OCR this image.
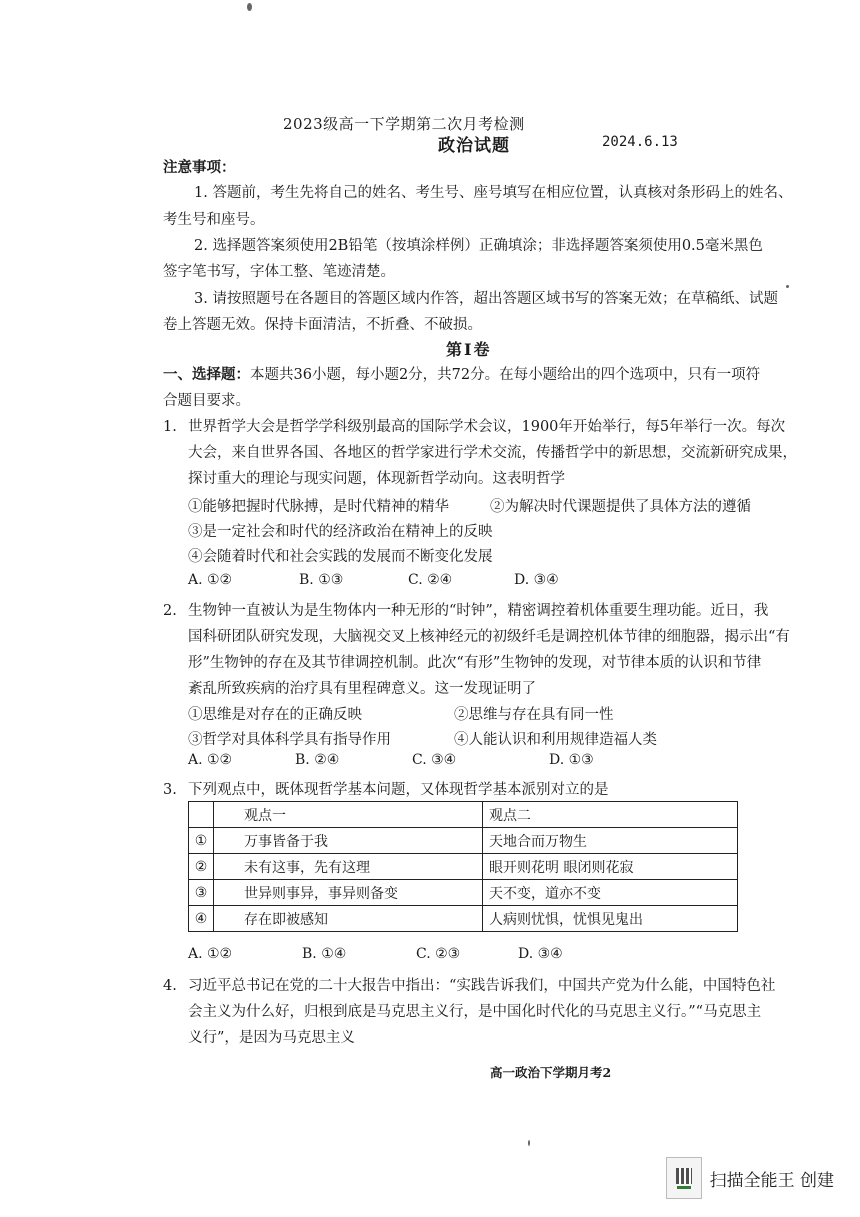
2023级高一下学期第二次月考检测
政治试题	2024.6.13
注意事项：
1. 答题前，考生先将自己的姓名、考生号、座号填写在相应位置，认真核对条形码上的姓名、
考生号和座号。
2. 选择题答案须使用2B铅笔（按填涂样例）正确填涂；非选择题答案须使用0.5毫米黑色
签字笔书写，字体工整、笔迹清楚。
3. 请按照题号在各题目的答题区域内作答，超出答题区域书写的答案无效；在草稿纸、试题
卷上答题无效。保持卡面清洁，不折叠、不破损。
第Ⅰ卷
一、选择题：本题共36小题，每小题2分，共72分。在每小题给出的四个选项中，只有一项符
合题目要求。
1. 世界哲学大会是哲学学科级别最高的国际学术会议，1900年开始举行，每5年举行一次。每次
大会，来自世界各国、各地区的哲学家进行学术交流，传播哲学中的新思想，交流新研究成果，
探讨重大的理论与现实问题，体现新哲学动向。这表明哲学
①能够把握时代脉搏，是时代精神的精华	②为解决时代课题提供了具体方法的遵循
③是一定社会和时代的经济政治在精神上的反映
④会随着时代和社会实践的发展而不断变化发展
A. ①②	B. ①③	C. ②④	D. ③④
2. 生物钟一直被认为是生物体内一种无形的“时钟”，精密调控着机体重要生理功能。近日，我
国科研团队研究发现，大脑视交叉上核神经元的初级纤毛是调控机体节律的细胞器，揭示出“有
形”生物钟的存在及其节律调控机制。此次“有形”生物钟的发现，对节律本质的认识和节律
紊乱所致疾病的治疗具有里程碑意义。这一发现证明了
①思维是对存在的正确反映	②思维与存在具有同一性
③哲学对具体科学具有指导作用	④人能认识和利用规律造福人类
A. ①②	B. ②④	C. ③④	D. ①③
3. 下列观点中，既体现哲学基本问题，又体现哲学基本派别对立的是
	观点一	观点二
①	万事皆备于我	天地合而万物生
②	未有这事，先有这理	眼开则花明 眼闭则花寂
③	世异则事异，事异则备变	天不变，道亦不变
④	存在即被感知	人病则忧惧，忧惧见鬼出
A. ①②	B. ①④	C. ②③	D. ③④
4. 习近平总书记在党的二十大报告中指出：“实践告诉我们，中国共产党为什么能，中国特色社
会主义为什么好，归根到底是马克思主义行，是中国化时代化的马克思主义行。”“马克思主
义行”，是因为马克思主义
高一政治下学期月考2
扫描全能王 创建
